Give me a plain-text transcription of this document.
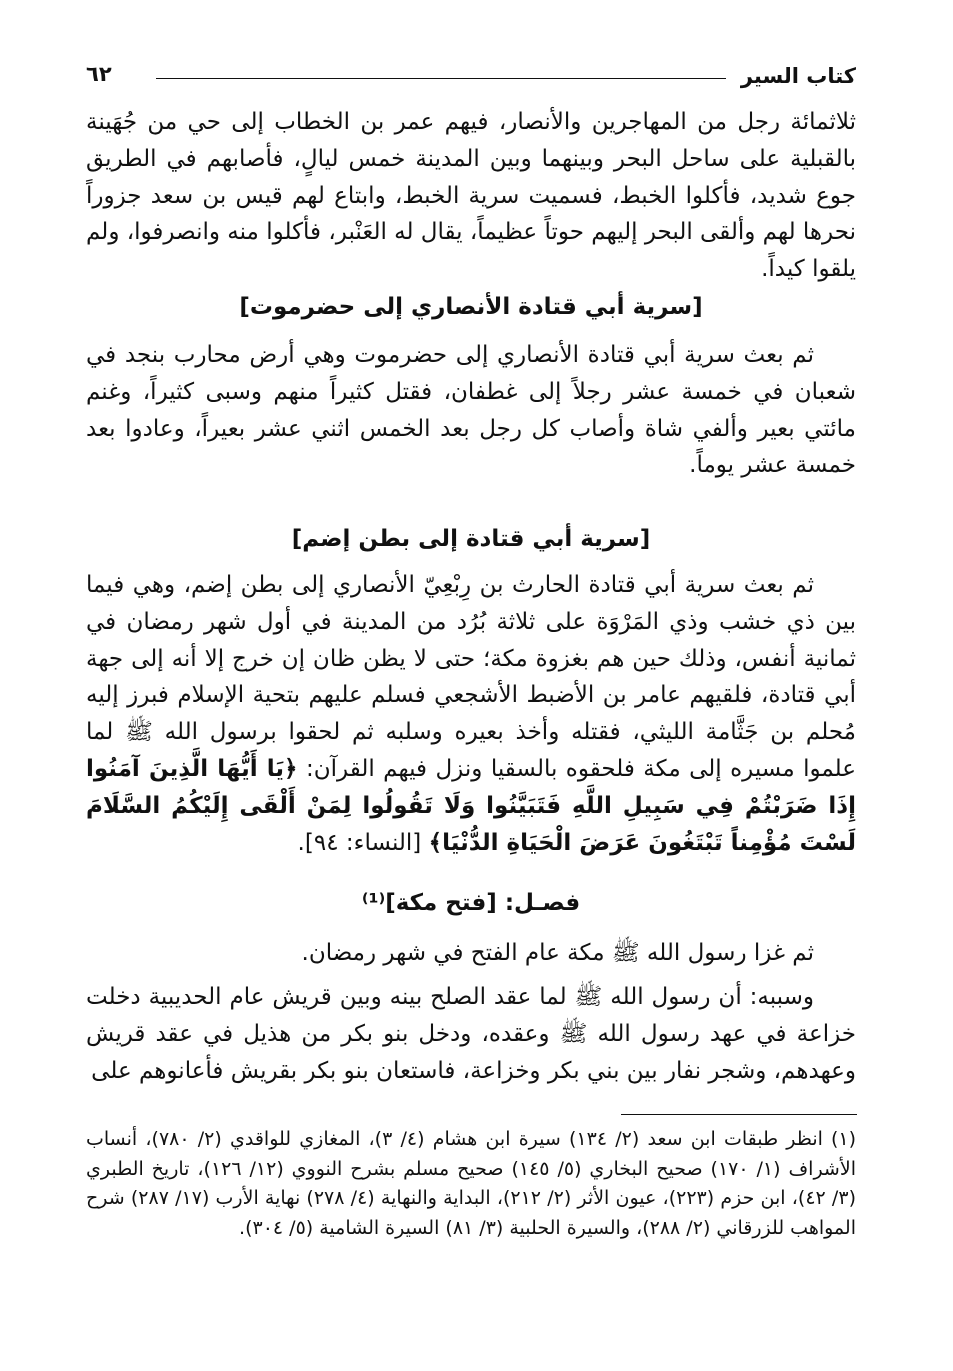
كتاب السير
٦٢

ثلاثمائة رجل من المهاجرين والأنصار، فيهم عمر بن الخطاب إلى حي من جُهَينة بالقبلية على ساحل البحر وبينهما وبين المدينة خمس ليالٍ، فأصابهم في الطريق جوع شديد، فأكلوا الخبط، فسميت سرية الخبط، وابتاع لهم قيس بن سعد جزوراً نحرها لهم وألقى البحر إليهم حوتاً عظيماً، يقال له العَنْبر، فأكلوا منه وانصرفوا، ولم يلقوا كيداً.

[سرية أبي قتادة الأنصاري إلى حضرموت]

ثم بعث سرية أبي قتادة الأنصاري إلى حضرموت وهي أرض محارب بنجد في شعبان في خمسة عشر رجلاً إلى غطفان، فقتل كثيراً منهم وسبى كثيراً، وغنم مائتي بعير وألفي شاة وأصاب كل رجل بعد الخمس اثني عشر بعيراً، وعادوا بعد خمسة عشر يوماً.

[سرية أبي قتادة إلى بطن إضم]

ثم بعث سرية أبي قتادة الحارث بن رِبْعِيّ الأنصاري إلى بطن إضم، وهي فيما بين ذي خشب وذي المَرْوَة على ثلاثة بُرُد من المدينة في أول شهر رمضان في ثمانية أنفس، وذلك حين هم بغزوة مكة؛ حتى لا يظن ظان إن خرج إلا أنه إلى جهة أبي قتادة، فلقيهم عامر بن الأضبط الأشجعي فسلم عليهم بتحية الإسلام فبرز إليه مُحلم بن جَثَّامة الليثي، فقتله وأخذ بعيره وسلبه ثم لحقوا برسول الله ﷺ لما علموا مسيره إلى مكة فلحقوه بالسقيا ونزل فيهم القرآن: ﴿يَا أَيُّهَا الَّذِينَ آمَنُوا إِذَا ضَرَبْتُمْ فِي سَبِيلِ اللَّهِ فَتَبَيَّنُوا وَلَا تَقُولُوا لِمَنْ أَلْقَى إِلَيْكُمُ السَّلَامَ لَسْتَ مُؤْمِناً تَبْتَغُونَ عَرَضَ الْحَيَاةِ الدُّنْيَا﴾ [النساء: ٩٤].

فصـل: [فتح مكة]⁽¹⁾

ثم غزا رسول الله ﷺ مكة عام الفتح في شهر رمضان.

وسببه: أن رسول الله ﷺ لما عقد الصلح بينه وبين قريش عام الحديبية دخلت خزاعة في عهد رسول الله ﷺ وعقده، ودخل بنو بكر من هذيل في عقد قريش وعهدهم، وشجر نفار بين بني بكر وخزاعة، فاستعان بنو بكر بقريش فأعانوهم على

(١)انظر طبقات ابن سعد (٢/ ١٣٤) سيرة ابن هشام (٤/ ٣)، المغازي للواقدي (٢/ ٧٨٠)، أنساب الأشراف (١/ ١٧٠) صحيح البخاري (٥/ ١٤٥) صحيح مسلم بشرح النووي (١٢/ ١٢٦)، تاريخ الطبري (٣/ ٤٢)، ابن حزم (٢٢٣)، عيون الأثر (٢/ ٢١٢)، البداية والنهاية (٤/ ٢٧٨) نهاية الأرب (١٧/ ٢٨٧) شرح المواهب للزرقاني (٢/ ٢٨٨)، والسيرة الحلبية (٣/ ٨١) السيرة الشامية (٥/ ٣٠٤).
